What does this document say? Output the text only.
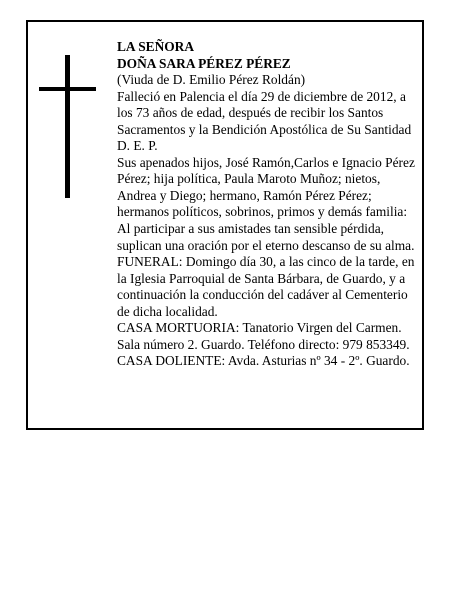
LA SEÑORA

DOÑA SARA PÉREZ PÉREZ

(Viuda de D. Emilio Pérez Roldán)

Falleció en Palencia el día 29 de diciembre de 2012, a los 73 años de edad, después de recibir los Santos Sacramentos y la Bendición Apostólica de Su Santidad D. E. P.

Sus apenados hijos, José Ramón,Carlos e Ignacio Pérez Pérez; hija política, Paula Maroto Muñoz; nietos, Andrea y Diego; hermano, Ramón Pérez Pérez; hermanos políticos, sobrinos, primos y demás familia:

Al participar a sus amistades tan sensible pérdida, suplican una oración por el eterno descanso de su alma.

FUNERAL: Domingo día 30, a las cinco de la tarde, en la Iglesia Parroquial de Santa Bárbara, de Guardo, y a continuación la conducción del cadáver al Cementerio de dicha localidad.

CASA MORTUORIA: Tanatorio Virgen del Carmen. Sala número 2. Guardo. Teléfono directo: 979 853349.

CASA DOLIENTE: Avda. Asturias nº 34 - 2º. Guardo.
